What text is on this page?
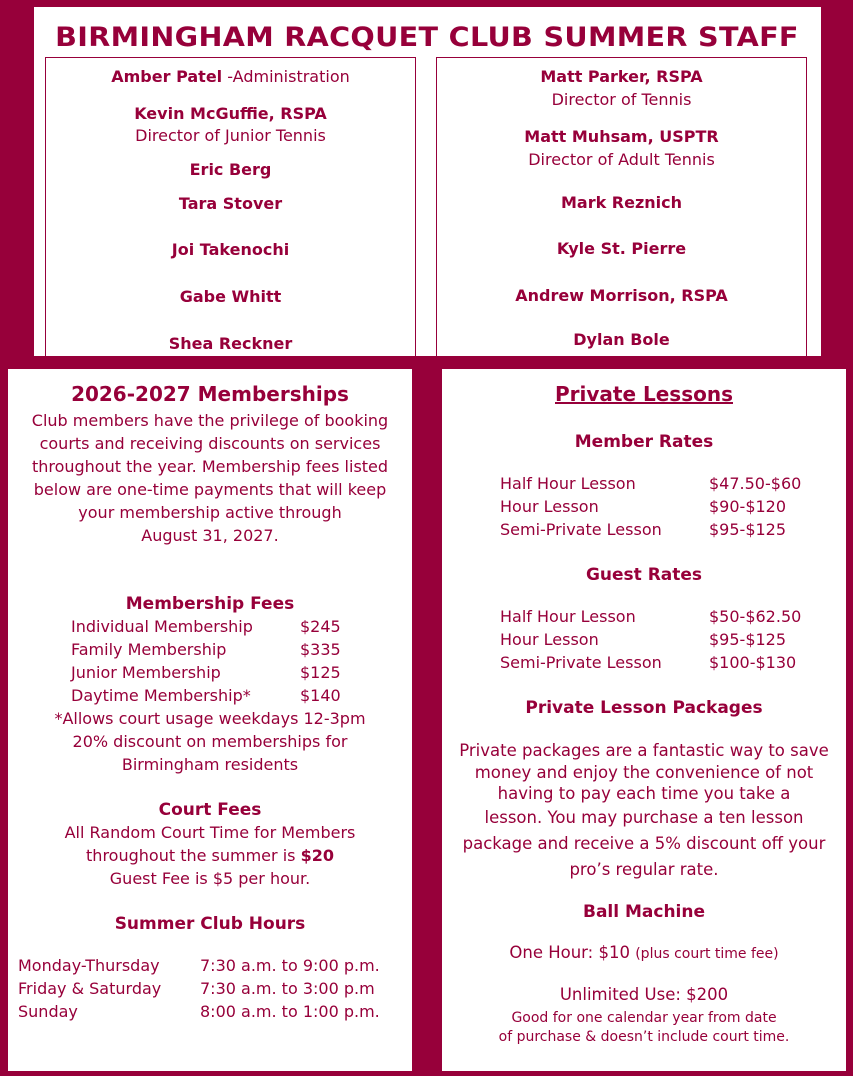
BIRMINGHAM RACQUET CLUB SUMMER STAFF
Amber Patel -Administration
Kevin McGuffie, RSPA
Director of Junior Tennis
Eric Berg
Tara Stover
Joi Takenochi
Gabe Whitt
Shea Reckner
Matt Parker, RSPA
Director of Tennis
Matt Muhsam, USPTR
Director of Adult Tennis
Mark Reznich
Kyle St. Pierre
Andrew Morrison, RSPA
Dylan Bole
2026-2027 Memberships
Club members have the privilege of booking
courts and receiving discounts on services
throughout the year. Membership fees listed
below are one-time payments that will keep
your membership active through
August 31, 2027.
Membership Fees
Individual Membership	$245
Family Membership	$335
Junior Membership	$125
Daytime Membership*	$140
*Allows court usage weekdays 12-3pm
20% discount on memberships for
Birmingham residents
Court Fees
All Random Court Time for Members
throughout the summer is $20
Guest Fee is $5 per hour.
Summer Club Hours
Monday-Thursday	7:30 a.m. to 9:00 p.m.
Friday & Saturday 7:30 a.m. to 3:00 p.m
Sunday	8:00 a.m. to 1:00 p.m.
Private Lessons
Member Rates
Half Hour Lesson	$47.50-$60
Hour Lesson	$90-$120
Semi-Private Lesson	$95-$125
Guest Rates
Half Hour Lesson	$50-$62.50
Hour Lesson	$95-$125
Semi-Private Lesson	$100-$130
Private Lesson Packages
Private packages are a fantastic way to save
money and enjoy the convenience of not
having to pay each time you take a
lesson. You may purchase a ten lesson
package and receive a 5% discount off your
pro’s regular rate.
Ball Machine
One Hour: $10 (plus court time fee)
Unlimited Use: $200
Good for one calendar year from date
of purchase & doesn’t include court time.
